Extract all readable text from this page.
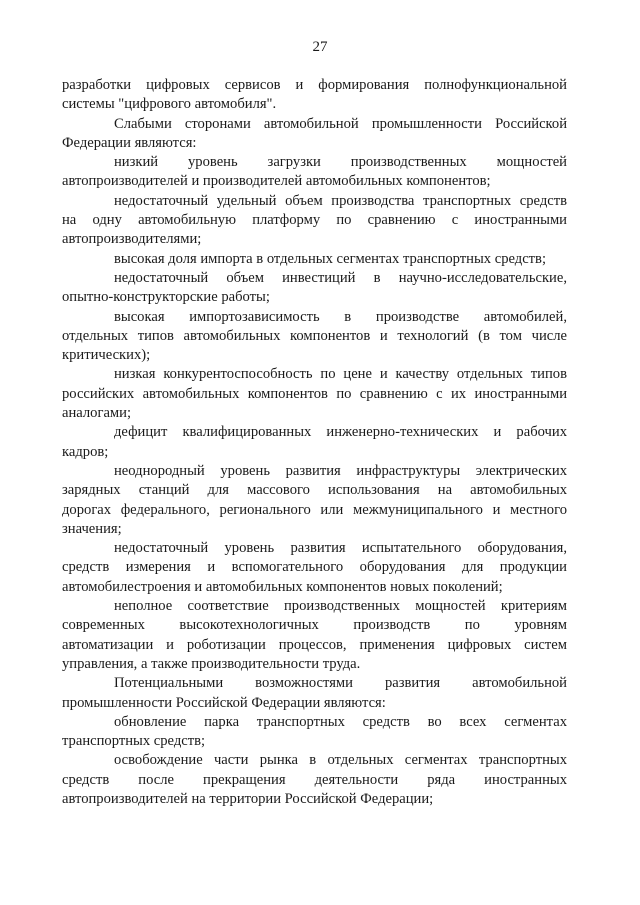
27
разработки цифровых сервисов и формирования полнофункциональной
системы "цифрового автомобиля".
Слабыми сторонами автомобильной промышленности Российской
Федерации являются:
низкий уровень загрузки производственных мощностей
автопроизводителей и производителей автомобильных компонентов;
недостаточный удельный объем производства транспортных средств
на одну автомобильную платформу по сравнению с иностранными
автопроизводителями;
высокая доля импорта в отдельных сегментах транспортных средств;
недостаточный объем инвестиций в научно-исследовательские,
опытно-конструкторские работы;
высокая импортозависимость в производстве автомобилей,
отдельных типов автомобильных компонентов и технологий (в том числе
критических);
низкая конкурентоспособность по цене и качеству отдельных типов
российских автомобильных компонентов по сравнению с их иностранными
аналогами;
дефицит квалифицированных инженерно-технических и рабочих
кадров;
неоднородный уровень развития инфраструктуры электрических
зарядных станций для массового использования на автомобильных
дорогах федерального, регионального или межмуниципального и местного
значения;
недостаточный уровень развития испытательного оборудования,
средств измерения и вспомогательного оборудования для продукции
автомобилестроения и автомобильных компонентов новых поколений;
неполное соответствие производственных мощностей критериям
современных высокотехнологичных производств по уровням
автоматизации и роботизации процессов, применения цифровых систем
управления, а также производительности труда.
Потенциальными возможностями развития автомобильной
промышленности Российской Федерации являются:
обновление парка транспортных средств во всех сегментах
транспортных средств;
освобождение части рынка в отдельных сегментах транспортных
средств после прекращения деятельности ряда иностранных
автопроизводителей на территории Российской Федерации;
